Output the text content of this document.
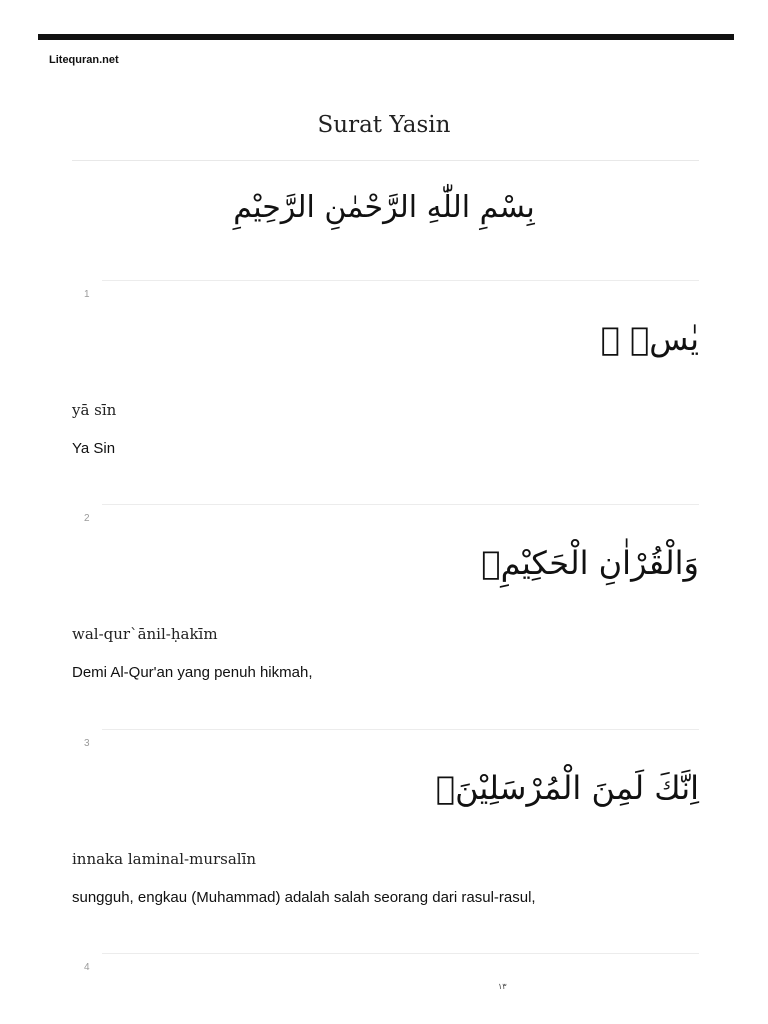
Litequran.net
Surat Yasin
بِسْمِ اللّٰهِ الرَّحْمٰنِ الرَّحِيْمِ
1
يٰسۤ ۚ
yā sīn
Ya Sin
2
وَالْقُرْاٰنِ الْحَكِيْمِۙ
wal-qur`ānil-ḥakīm
Demi Al-Qur'an yang penuh hikmah,
3
اِنَّكَ لَمِنَ الْمُرْسَلِيْنَۙ
innaka laminal-mursalīn
sungguh, engkau (Muhammad) adalah salah seorang dari rasul-rasul,
4
١٣
